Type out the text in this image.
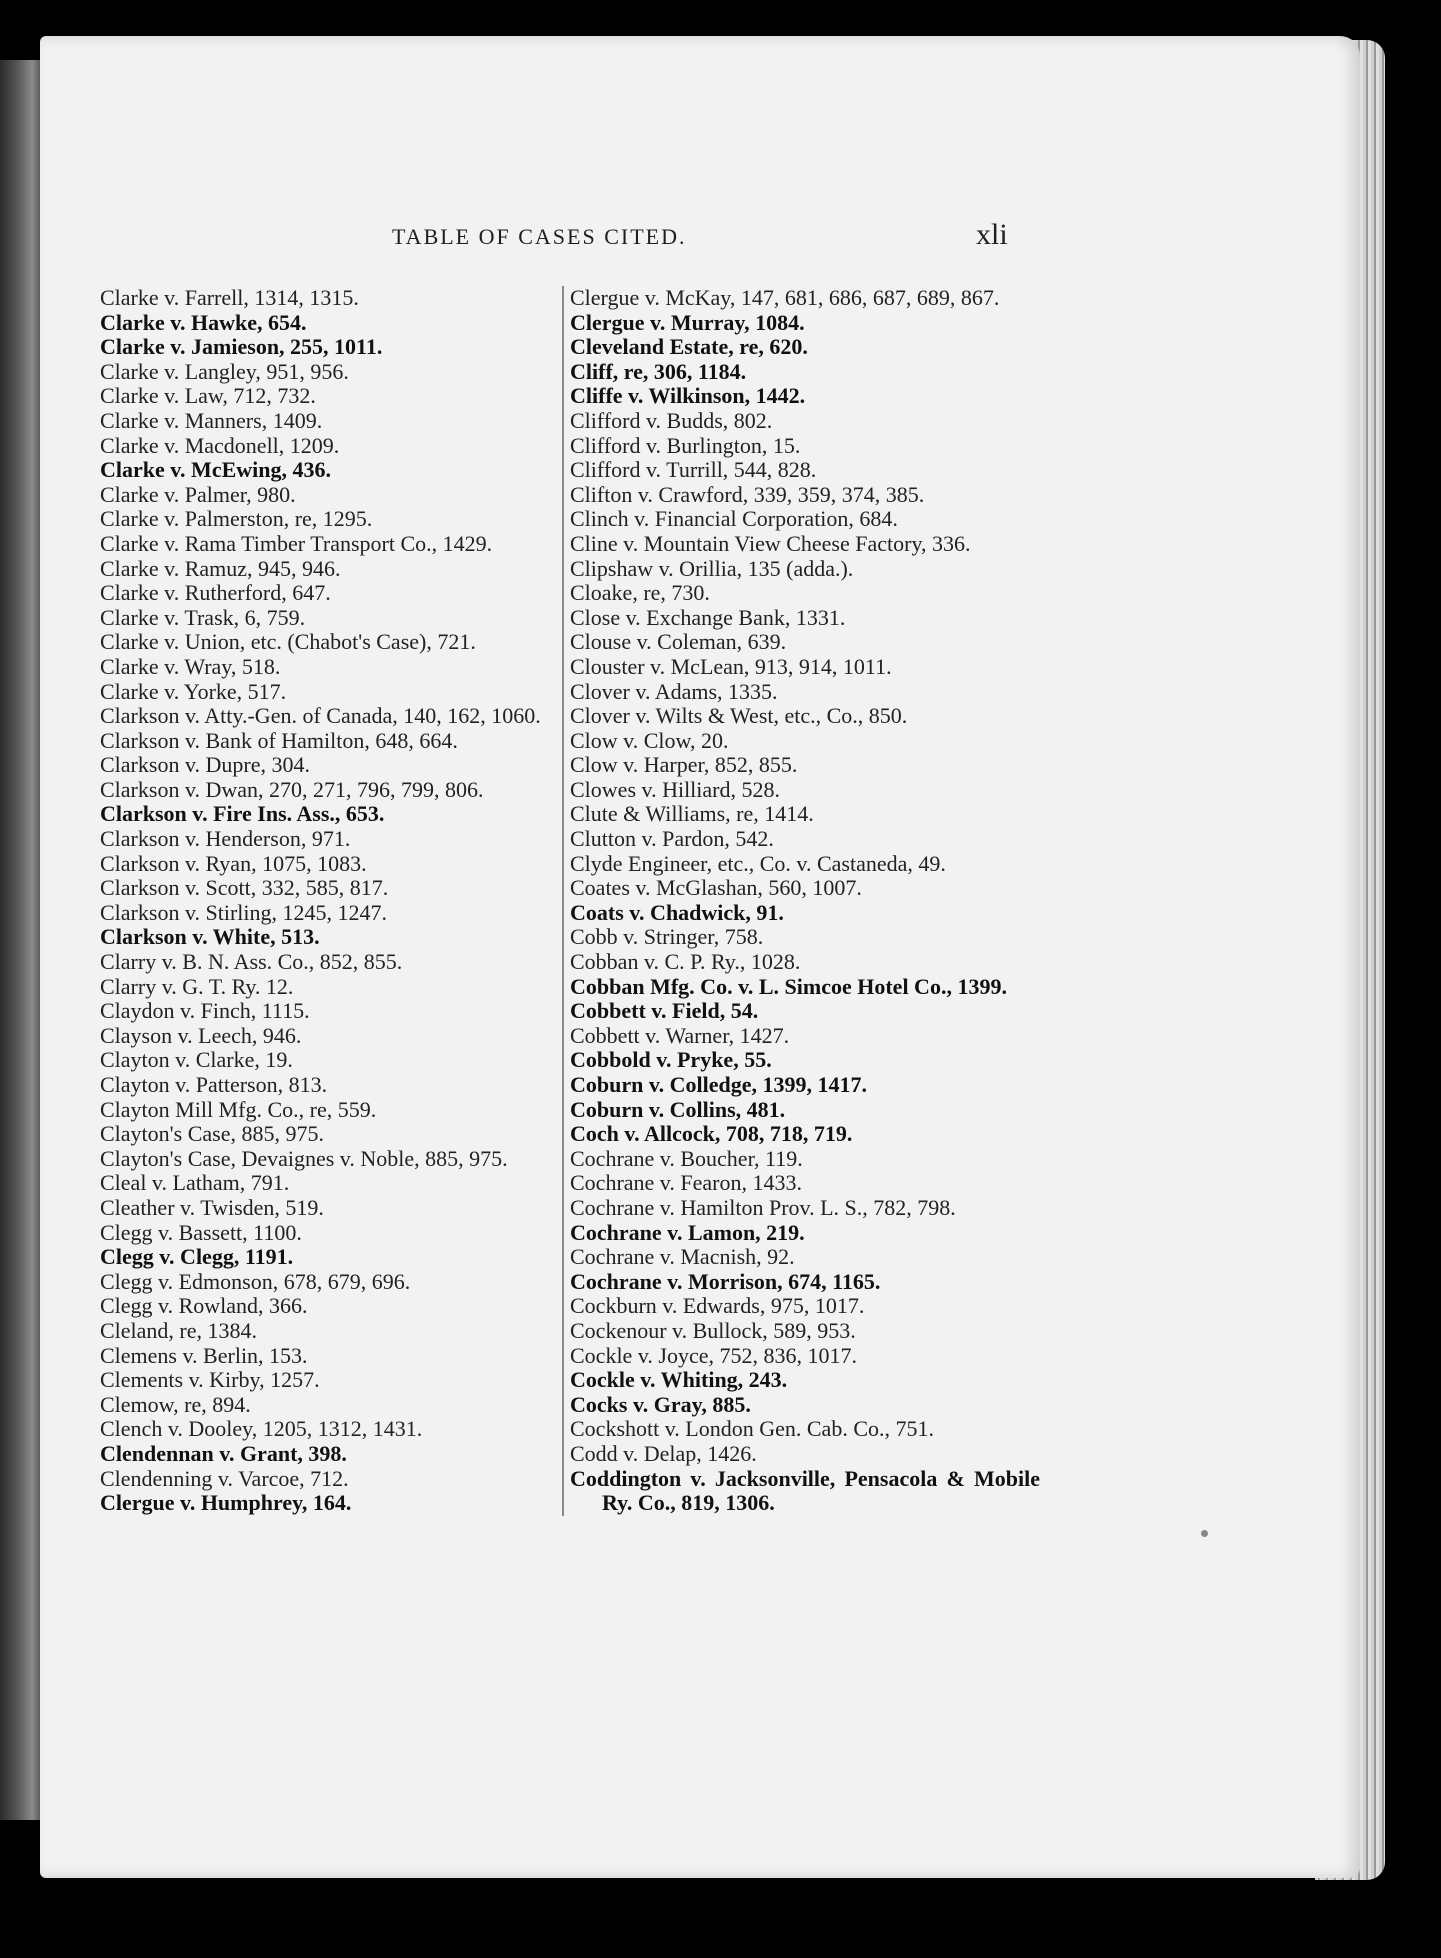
TABLE OF CASES CITED.	xli
Clarke v. Farrell, 1314, 1315.
Clarke v. Hawke, 654.
Clarke v. Jamieson, 255, 1011.
Clarke v. Langley, 951, 956.
Clarke v. Law, 712, 732.
Clarke v. Manners, 1409.
Clarke v. Macdonell, 1209.
Clarke v. McEwing, 436.
Clarke v. Palmer, 980.
Clarke v. Palmerston, re, 1295.
Clarke v. Rama Timber Transport Co., 1429.
Clarke v. Ramuz, 945, 946.
Clarke v. Rutherford, 647.
Clarke v. Trask, 6, 759.
Clarke v. Union, etc. (Chabot's Case), 721.
Clarke v. Wray, 518.
Clarke v. Yorke, 517.
Clarkson v. Atty.-Gen. of Canada, 140, 162, 1060.
Clarkson v. Bank of Hamilton, 648, 664.
Clarkson v. Dupre, 304.
Clarkson v. Dwan, 270, 271, 796, 799, 806.
Clarkson v. Fire Ins. Ass., 653.
Clarkson v. Henderson, 971.
Clarkson v. Ryan, 1075, 1083.
Clarkson v. Scott, 332, 585, 817.
Clarkson v. Stirling, 1245, 1247.
Clarkson v. White, 513.
Clarry v. B. N. Ass. Co., 852, 855.
Clarry v. G. T. Ry. 12.
Claydon v. Finch, 1115.
Clayson v. Leech, 946.
Clayton v. Clarke, 19.
Clayton v. Patterson, 813.
Clayton Mill Mfg. Co., re, 559.
Clayton's Case, 885, 975.
Clayton's Case, Devaignes v. Noble, 885, 975.
Cleal v. Latham, 791.
Cleather v. Twisden, 519.
Clegg v. Bassett, 1100.
Clegg v. Clegg, 1191.
Clegg v. Edmonson, 678, 679, 696.
Clegg v. Rowland, 366.
Cleland, re, 1384.
Clemens v. Berlin, 153.
Clements v. Kirby, 1257.
Clemow, re, 894.
Clench v. Dooley, 1205, 1312, 1431.
Clendennan v. Grant, 398.
Clendenning v. Varcoe, 712.
Clergue v. Humphrey, 164.
Clergue v. McKay, 147, 681, 686, 687, 689, 867.
Clergue v. Murray, 1084.
Cleveland Estate, re, 620.
Cliff, re, 306, 1184.
Cliffe v. Wilkinson, 1442.
Clifford v. Budds, 802.
Clifford v. Burlington, 15.
Clifford v. Turrill, 544, 828.
Clifton v. Crawford, 339, 359, 374, 385.
Clinch v. Financial Corporation, 684.
Cline v. Mountain View Cheese Factory, 336.
Clipshaw v. Orillia, 135 (adda.).
Cloake, re, 730.
Close v. Exchange Bank, 1331.
Clouse v. Coleman, 639.
Clouster v. McLean, 913, 914, 1011.
Clover v. Adams, 1335.
Clover v. Wilts & West, etc., Co., 850.
Clow v. Clow, 20.
Clow v. Harper, 852, 855.
Clowes v. Hilliard, 528.
Clute & Williams, re, 1414.
Clutton v. Pardon, 542.
Clyde Engineer, etc., Co. v. Castaneda, 49.
Coates v. McGlashan, 560, 1007.
Coats v. Chadwick, 91.
Cobb v. Stringer, 758.
Cobban v. C. P. Ry., 1028.
Cobban Mfg. Co. v. L. Simcoe Hotel Co., 1399.
Cobbett v. Field, 54.
Cobbett v. Warner, 1427.
Cobbold v. Pryke, 55.
Coburn v. Colledge, 1399, 1417.
Coburn v. Collins, 481.
Coch v. Allcock, 708, 718, 719.
Cochrane v. Boucher, 119.
Cochrane v. Fearon, 1433.
Cochrane v. Hamilton Prov. L. S., 782, 798.
Cochrane v. Lamon, 219.
Cochrane v. Macnish, 92.
Cochrane v. Morrison, 674, 1165.
Cockburn v. Edwards, 975, 1017.
Cockenour v. Bullock, 589, 953.
Cockle v. Joyce, 752, 836, 1017.
Cockle v. Whiting, 243.
Cocks v. Gray, 885.
Cockshott v. London Gen. Cab. Co., 751.
Codd v. Delap, 1426.
Coddington v. Jacksonville, Pensacola & Mobile Ry. Co., 819, 1306.
